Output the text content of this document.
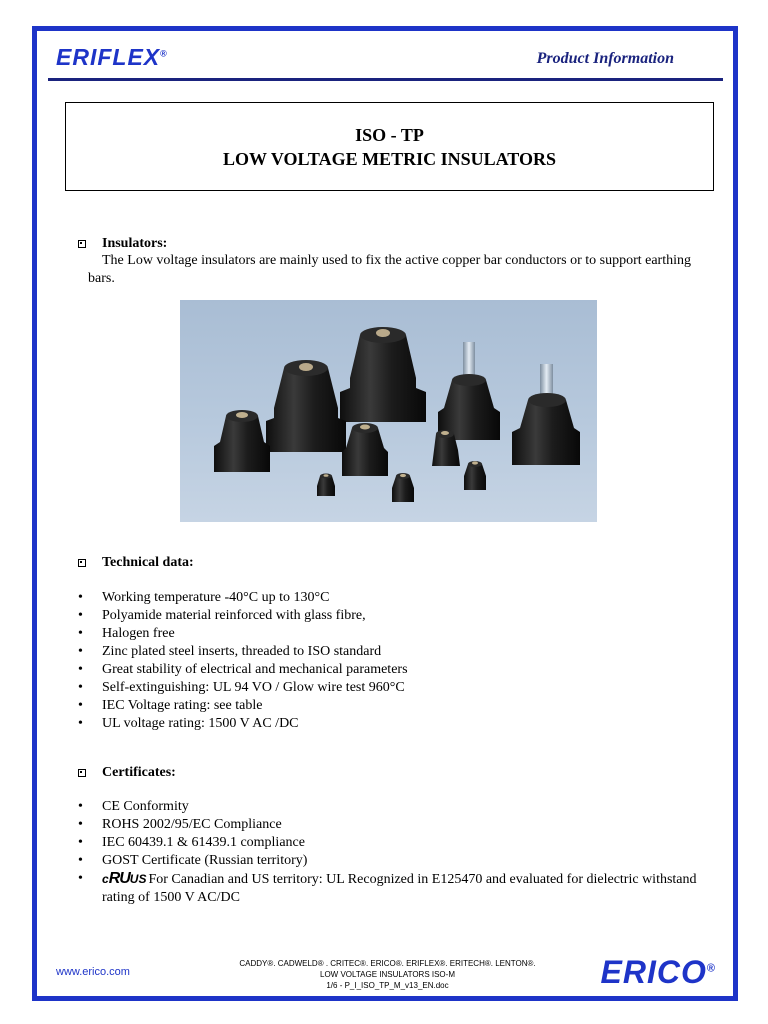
ERIFLEX®	Product Information
ISO - TP
LOW VOLTAGE METRIC INSULATORS
Insulators:
The Low voltage insulators are mainly used to fix the active copper bar conductors or to support earthing bars.
Technical data:
• Working temperature -40°C up to 130°C
• Polyamide material reinforced with glass fibre,
• Halogen free
• Zinc plated steel inserts, threaded to ISO standard
• Great stability of electrical and mechanical parameters
• Self-extinguishing: UL 94 VO / Glow wire test 960°C
• IEC Voltage rating: see table
• UL voltage rating: 1500 V AC /DC
Certificates:
• CE Conformity
• ROHS 2002/95/EC Compliance
• IEC 60439.1 & 61439.1 compliance
• GOST Certificate (Russian territory)
• cRUUS For Canadian and US territory: UL Recognized in E125470 and evaluated for dielectric withstand rating of 1500 V AC/DC
www.erico.com
CADDY®. CADWELD® . CRITEC®. ERICO®. ERIFLEX®. ERITECH®. LENTON®.
LOW VOLTAGE INSULATORS ISO-M
1/6 - P_I_ISO_TP_M_v13_EN.doc	ERICO®
